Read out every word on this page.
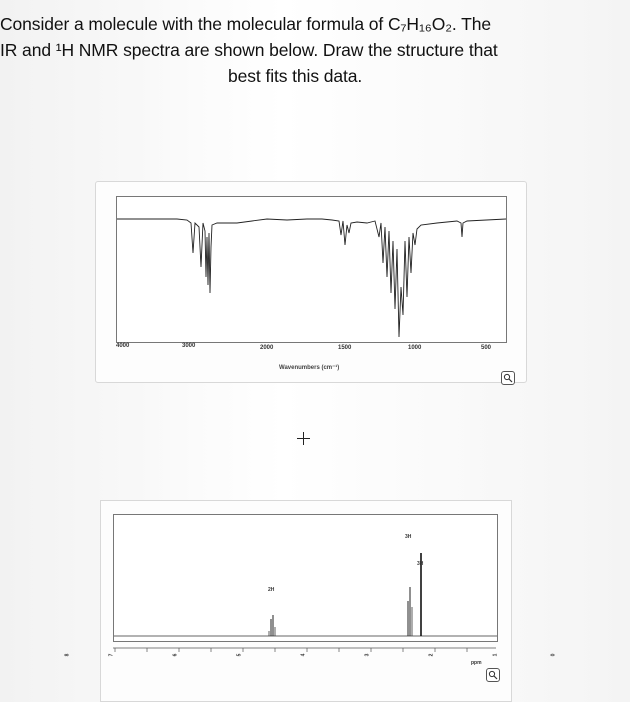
Consider a molecule with the molecular formula of C₇H₁₆O₂. The
IR and ¹H NMR spectra are shown below. Draw the structure that
best fits this data.
4000	3000	2000	1500	1000	500
Wavenumbers (cm⁻¹)
2H
3H
3H
8	7	6	5	4	3	2	1	0
ppm
